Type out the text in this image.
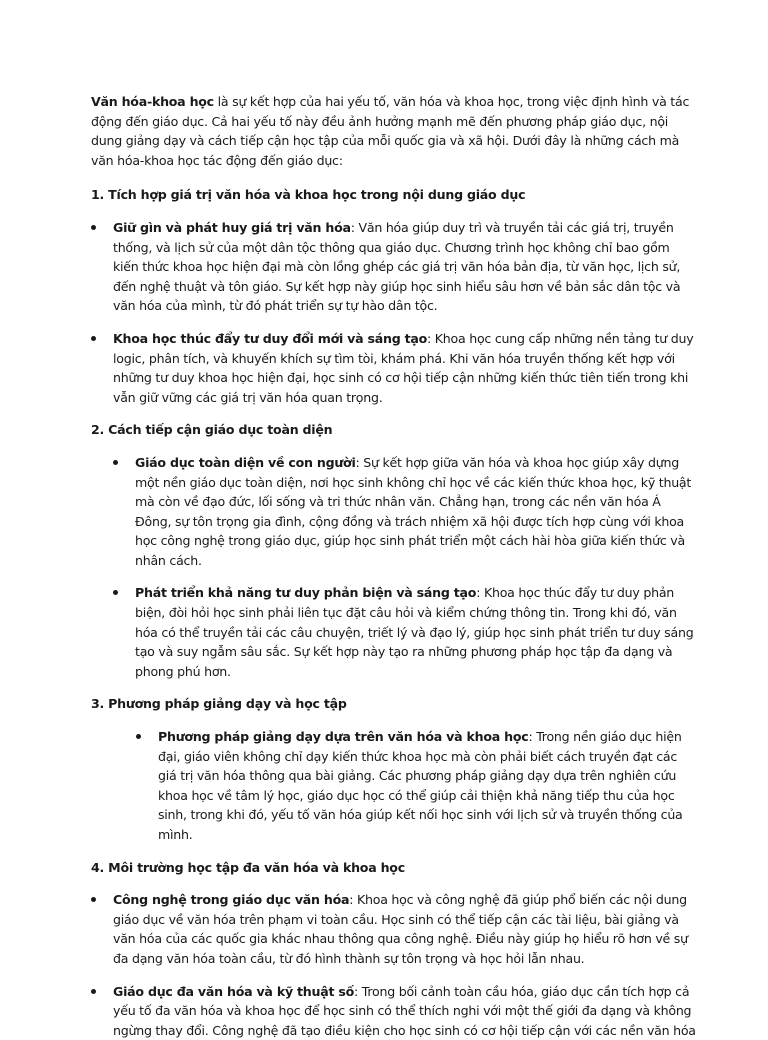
Văn hóa-khoa học là sự kết hợp của hai yếu tố, văn hóa và khoa học, trong việc định hình và tác động đến giáo dục. Cả hai yếu tố này đều ảnh hưởng mạnh mẽ đến phương pháp giáo dục, nội dung giảng dạy và cách tiếp cận học tập của mỗi quốc gia và xã hội. Dưới đây là những cách mà văn hóa-khoa học tác động đến giáo dục:

1. Tích hợp giá trị văn hóa và khoa học trong nội dung giáo dục

Giữ gìn và phát huy giá trị văn hóa: Văn hóa giúp duy trì và truyền tải các giá trị, truyền thống, và lịch sử của một dân tộc thông qua giáo dục. Chương trình học không chỉ bao gồm kiến thức khoa học hiện đại mà còn lồng ghép các giá trị văn hóa bản địa, từ văn học, lịch sử, đến nghệ thuật và tôn giáo. Sự kết hợp này giúp học sinh hiểu sâu hơn về bản sắc dân tộc và văn hóa của mình, từ đó phát triển sự tự hào dân tộc.
Khoa học thúc đẩy tư duy đổi mới và sáng tạo: Khoa học cung cấp những nền tảng tư duy logic, phân tích, và khuyến khích sự tìm tòi, khám phá. Khi văn hóa truyền thống kết hợp với những tư duy khoa học hiện đại, học sinh có cơ hội tiếp cận những kiến thức tiên tiến trong khi vẫn giữ vững các giá trị văn hóa quan trọng.

2. Cách tiếp cận giáo dục toàn diện

Giáo dục toàn diện về con người: Sự kết hợp giữa văn hóa và khoa học giúp xây dựng một nền giáo dục toàn diện, nơi học sinh không chỉ học về các kiến thức khoa học, kỹ thuật mà còn về đạo đức, lối sống và tri thức nhân văn. Chẳng hạn, trong các nền văn hóa Á Đông, sự tôn trọng gia đình, cộng đồng và trách nhiệm xã hội được tích hợp cùng với khoa học công nghệ trong giáo dục, giúp học sinh phát triển một cách hài hòa giữa kiến thức và nhân cách.
Phát triển khả năng tư duy phản biện và sáng tạo: Khoa học thúc đẩy tư duy phản biện, đòi hỏi học sinh phải liên tục đặt câu hỏi và kiểm chứng thông tin. Trong khi đó, văn hóa có thể truyền tải các câu chuyện, triết lý và đạo lý, giúp học sinh phát triển tư duy sáng tạo và suy ngẫm sâu sắc. Sự kết hợp này tạo ra những phương pháp học tập đa dạng và phong phú hơn.

3. Phương pháp giảng dạy và học tập

Phương pháp giảng dạy dựa trên văn hóa và khoa học: Trong nền giáo dục hiện đại, giáo viên không chỉ dạy kiến thức khoa học mà còn phải biết cách truyền đạt các giá trị văn hóa thông qua bài giảng. Các phương pháp giảng dạy dựa trên nghiên cứu khoa học về tâm lý học, giáo dục học có thể giúp cải thiện khả năng tiếp thu của học sinh, trong khi đó, yếu tố văn hóa giúp kết nối học sinh với lịch sử và truyền thống của mình.

4. Môi trường học tập đa văn hóa và khoa học

Công nghệ trong giáo dục văn hóa: Khoa học và công nghệ đã giúp phổ biến các nội dung giáo dục về văn hóa trên phạm vi toàn cầu. Học sinh có thể tiếp cận các tài liệu, bài giảng và văn hóa của các quốc gia khác nhau thông qua công nghệ. Điều này giúp họ hiểu rõ hơn về sự đa dạng văn hóa toàn cầu, từ đó hình thành sự tôn trọng và học hỏi lẫn nhau.
Giáo dục đa văn hóa và kỹ thuật số: Trong bối cảnh toàn cầu hóa, giáo dục cần tích hợp cả yếu tố đa văn hóa và khoa học để học sinh có thể thích nghi với một thế giới đa dạng và không ngừng thay đổi. Công nghệ đã tạo điều kiện cho học sinh có cơ hội tiếp cận với các nền văn hóa
